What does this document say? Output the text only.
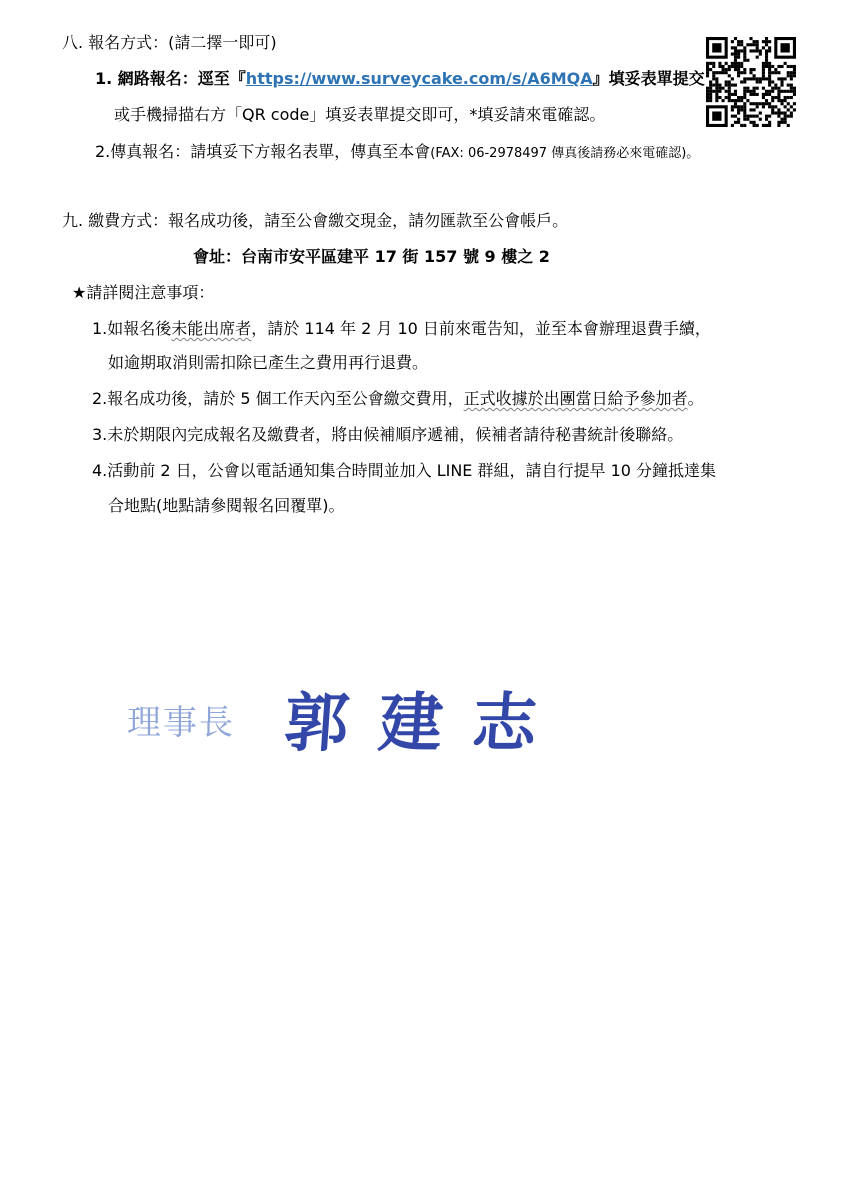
八. 報名方式：(請二擇一即可)
1. 網路報名：逕至『https://www.surveycake.com/s/A6MQA』填妥表單提交
或手機掃描右方「QR code」填妥表單提交即可，*填妥請來電確認。
2.傳真報名：請填妥下方報名表單，傳真至本會(FAX: 06-2978497 傳真後請務必來電確認)。
九. 繳費方式：報名成功後，請至公會繳交現金，請勿匯款至公會帳戶。
會址：台南市安平區建平 17 街 157 號 9 樓之 2
★請詳閱注意事項：
1.如報名後未能出席者，請於 114 年 2 月 10 日前來電告知，並至本會辦理退費手續，
如逾期取消則需扣除已產生之費用再行退費。
2.報名成功後，請於 5 個工作天內至公會繳交費用，正式收據於出團當日給予參加者。
3.未於期限內完成報名及繳費者，將由候補順序遞補，候補者請待秘書統計後聯絡。
4.活動前 2 日，公會以電話通知集合時間並加入 LINE 群組，請自行提早 10 分鐘抵達集
合地點(地點請參閱報名回覆單)。
理事長 郭建志
